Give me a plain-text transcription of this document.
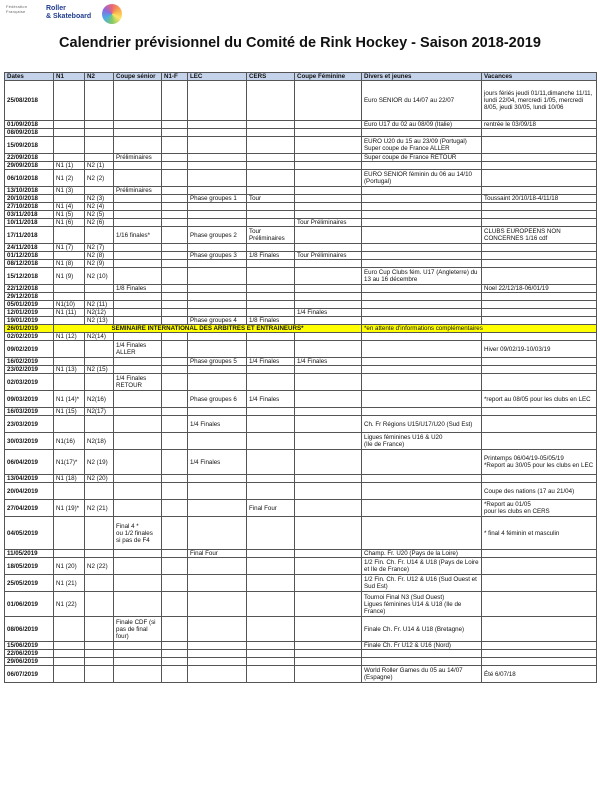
Fédération Française	Roller
& Skateboard
Calendrier prévisionnel du Comité de Rink Hockey - Saison 2018-2019
Dates	N1	N2	Coupe sénior	N1-F	LEC	CERS	Coupe Féminine	Divers et jeunes	Vacances
25/08/2018								Euro SENIOR du 14/07 au 22/07	jours fériés jeudi 01/11,dimanche 11/11, lundi 22/04, mercredi 1/05, mercredi 8/05, jeudi 30/05, lundi 10/06
01/09/2018								Euro U17 du 02 au 08/09 (Italie)	rentrée le 03/09/18
08/09/2018									
15/09/2018								EURO U20 du 15 au 23/09 (Portugal)
Super coupe de France ALLER	
22/09/2018			Préliminaires					Super coupe de France RETOUR	
29/09/2018	N1 (1)	N2 (1)							
06/10/2018	N1 (2)	N2 (2)						EURO SENIOR féminin du 06 au 14/10 (Portugal)	
13/10/2018	N1 (3)		Préliminaires						
20/10/2018		N2 (3)			Phase groupes 1	Tour			Toussaint 20/10/18-4/11/18
27/10/2018	N1 (4)	N2 (4)							
03/11/2018	N1 (5)	N2 (5)							
10/11/2018	N1 (6)	N2 (6)					Tour Préliminaires		
17/11/2018			1/16 finales*		Phase groupes 2	Tour
Préliminaires			CLUBS EUROPEENS NON CONCERNES 1/16 cdf
24/11/2018	N1 (7)	N2 (7)							
01/12/2018		N2 (8)			Phase groupes 3	1/8 Finales	Tour Préliminaires		
08/12/2018	N1 (8)	N2 (9)							
15/12/2018	N1 (9)	N2 (10)						Euro Cup Clubs fém. U17 (Angleterre) du 13 au 16 décembre	
22/12/2018			1/8 Finales						Noel 22/12/18-06/01/19
29/12/2018									
05/01/2019	N1(10)	N2 (11)							
12/01/2019	N1 (11)	N2(12)					1/4 Finales		
19/01/2019		N2 (13)			Phase groupes 4	1/8 Finales			
26/01/2019	SEMINAIRE INTERNATIONAL DES ARBITRES ET ENTRAINEURS*							*en attente d'informations complémentaires	
02/02/2019	N1 (12)	N2(14)							
09/02/2019			1/4 Finales
ALLER						Hiver 09/02/19-10/03/19
16/02/2019					Phase groupes 5	1/4 Finales	1/4 Finales		
23/02/2019	N1 (13)	N2 (15)							
02/03/2019			1/4 Finales
RETOUR						
09/03/2019	N1 (14)*	N2(16)			Phase groupes 6	1/4 Finales			*report au 08/05 pour les clubs en LEC
16/03/2019	N1 (15)	N2(17)							
23/03/2019					1/4 Finales			Ch. Fr Régions U15/U17/U20 (Sud Est)	
30/03/2019	N1(16)	N2(18)						Ligues féminines U16 & U20
(Ile de France)	
06/04/2019	N1(17)*	N2 (19)			1/4 Finales				Printemps 06/04/19-05/05/19
*Report au 30/05 pour les clubs en LEC
13/04/2019	N1 (18)	N2 (20)							
20/04/2019									Coupe des nations (17 au 21/04)
27/04/2019	N1 (19)*	N2 (21)				Final Four			*Report au 01/05
pour les clubs en CERS
04/05/2019			Final 4 *
ou 1/2 finales
si pas de F4						* final 4 féminin et masculin
11/05/2019					Final Four			Champ. Fr. U20 (Pays de la Loire)	
18/05/2019	N1 (20)	N2 (22)						1/2 Fin. Ch. Fr. U14 & U18 (Pays de Loire et Ile de France)	
25/05/2019	N1 (21)							1/2 Fin. Ch. Fr. U12 & U16 (Sud Ouest et Sud Est)	
01/06/2019	N1 (22)							Tournoi Final N3 (Sud Ouest)
Ligues féminines U14 & U18 (Ile de France)	
08/06/2019			Finale CDF (si pas de final four)					Finale Ch. Fr. U14 & U18 (Bretagne)	
15/06/2019								Finale Ch. Fr U12 & U16 (Nord)	
22/06/2019									
29/06/2019									
06/07/2019								World Roller Games du 05 au 14/07 (Espagne)	Été 6/07/18
